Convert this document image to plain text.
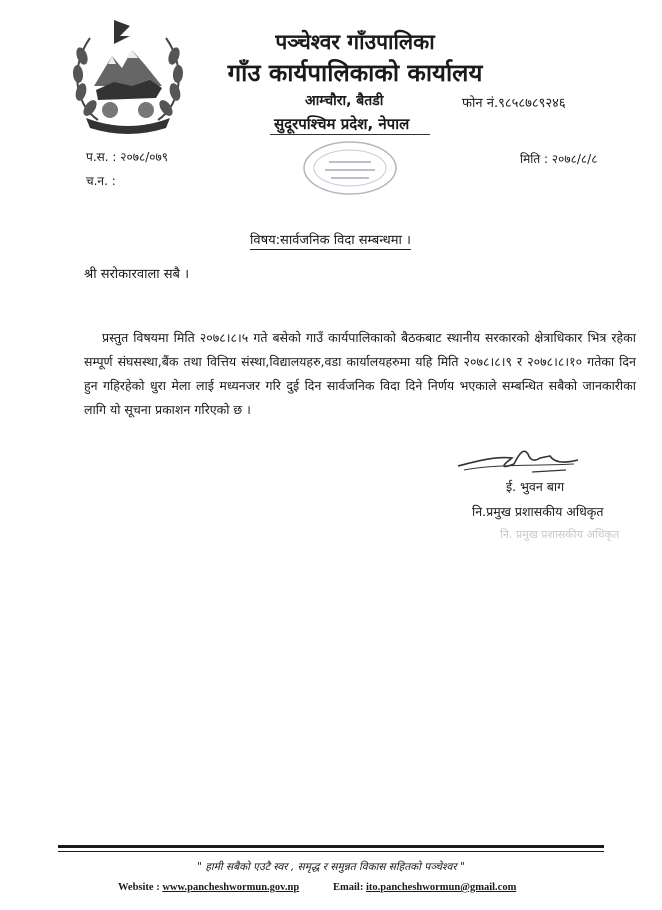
पञ्चेश्वर गाँउपालिका
गाँउ कार्यपालिकाको कार्यालय
आम्चौरा, बैतडी	फोन नं.९८५८७८९२४६
सुदूरपश्चिम प्रदेश, नेपाल
प.स. : २०७८/०७९
च.न. :
मिति : २०७८/८/८
विषय:सार्वजनिक विदा सम्बन्धमा ।
श्री सरोकारवाला सबै ।
प्रस्तुत विषयमा मिति २०७८।८।५ गते बसेको गाउँ कार्यपालिकाको बैठकबाट स्थानीय सरकारको क्षेत्राधिकार भित्र रहेका सम्पूर्ण संघसस्था,बैंक तथा वित्तिय संस्था,विद्यालयहरु,वडा कार्यालयहरुमा यहि मिति २०७८।८।९ र २०७८।८।१० गतेका दिन हुन गहिरहेको धुरा मेला लाई मध्यनजर गरि दुई दिन सार्वजनिक विदा दिने निर्णय भएकाले सम्बन्धित सबैको जानकारीका लागि यो सूचना प्रकाशन गरिएको छ ।
ई. भुवन बाग
नि.प्रमुख प्रशासकीय अधिकृत
नि. प्रमुख प्रशासकीय अधिकृत
" हामी सबैको एउटै स्वर , समृद्ध र समुन्नत विकास सहितको पञ्चेश्वर "
Website : www.pancheshwormun.gov.np	Email: ito.pancheshwormun@gmail.com
